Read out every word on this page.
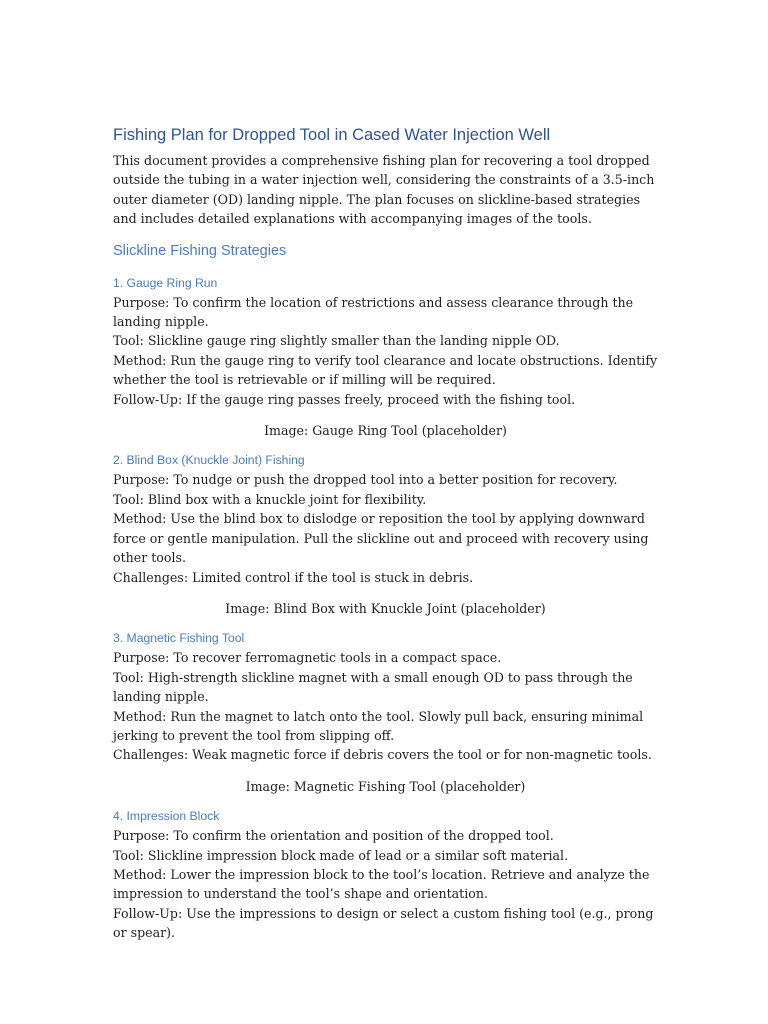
Fishing Plan for Dropped Tool in Cased Water Injection Well

This document provides a comprehensive fishing plan for recovering a tool dropped outside the tubing in a water injection well, considering the constraints of a 3.5-inch outer diameter (OD) landing nipple. The plan focuses on slickline-based strategies and includes detailed explanations with accompanying images of the tools.

Slickline Fishing Strategies
1. Gauge Ring Run

Purpose: To confirm the location of restrictions and assess clearance through the landing nipple.

Tool: Slickline gauge ring slightly smaller than the landing nipple OD.

Method: Run the gauge ring to verify tool clearance and locate obstructions. Identify whether the tool is retrievable or if milling will be required.

Follow-Up: If the gauge ring passes freely, proceed with the fishing tool.

Image: Gauge Ring Tool (placeholder)

2. Blind Box (Knuckle Joint) Fishing

Purpose: To nudge or push the dropped tool into a better position for recovery.

Tool: Blind box with a knuckle joint for flexibility.

Method: Use the blind box to dislodge or reposition the tool by applying downward force or gentle manipulation. Pull the slickline out and proceed with recovery using other tools.

Challenges: Limited control if the tool is stuck in debris.

Image: Blind Box with Knuckle Joint (placeholder)

3. Magnetic Fishing Tool

Purpose: To recover ferromagnetic tools in a compact space.

Tool: High-strength slickline magnet with a small enough OD to pass through the landing nipple.

Method: Run the magnet to latch onto the tool. Slowly pull back, ensuring minimal jerking to prevent the tool from slipping off.

Challenges: Weak magnetic force if debris covers the tool or for non-magnetic tools.

Image: Magnetic Fishing Tool (placeholder)

4. Impression Block

Purpose: To confirm the orientation and position of the dropped tool.

Tool: Slickline impression block made of lead or a similar soft material.

Method: Lower the impression block to the tool’s location. Retrieve and analyze the impression to understand the tool’s shape and orientation.

Follow-Up: Use the impressions to design or select a custom fishing tool (e.g., prong or spear).
